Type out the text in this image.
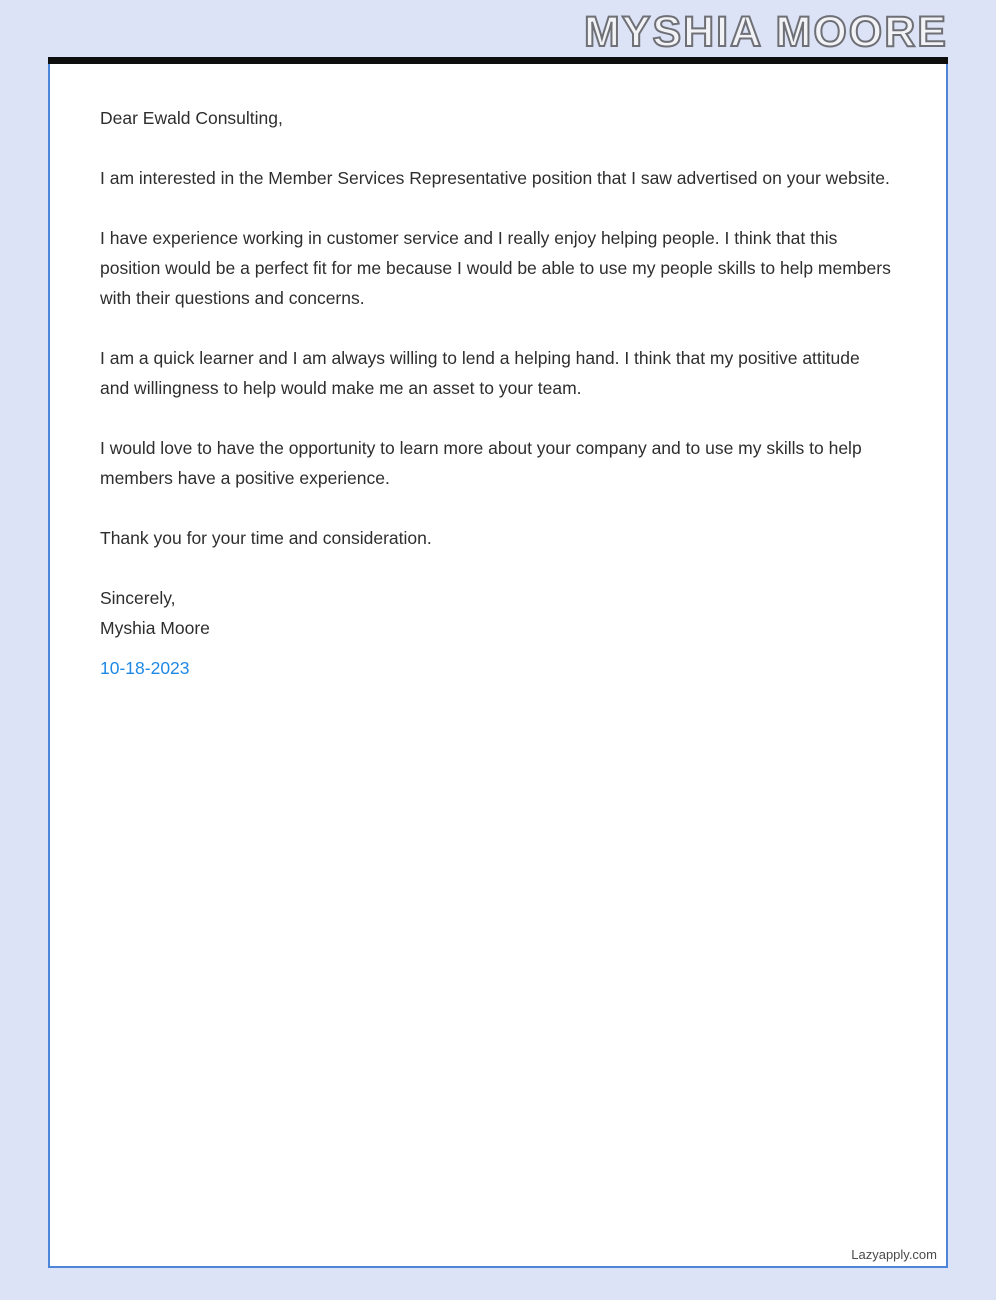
MYSHIA MOORE

Dear Ewald Consulting,

I am interested in the Member Services Representative position that I saw advertised on your website.

I have experience working in customer service and I really enjoy helping people. I think that this position would be a perfect fit for me because I would be able to use my people skills to help members with their questions and concerns.

I am a quick learner and I am always willing to lend a helping hand. I think that my positive attitude and willingness to help would make me an asset to your team.

I would love to have the opportunity to learn more about your company and to use my skills to help members have a positive experience.

Thank you for your time and consideration.

Sincerely,

Myshia Moore

10-18-2023
Lazyapply.com
